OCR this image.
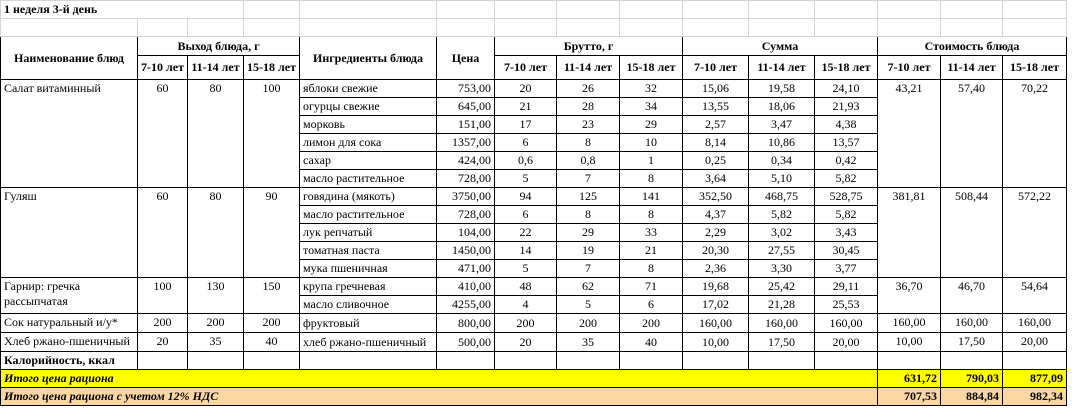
1 неделя 3-й день														

Наименование блюд	Выход блюда, г			Ингредиенты блюда	Цена	Брутто, г			Сумма			Стоимость блюда		
	7-10 лет	11-14 лет	15-18 лет			7-10 лет	11-14 лет	15-18 лет	7-10 лет	11-14 лет	15-18 лет	7-10 лет	11-14 лет	15-18 лет
Салат витаминный	60	80	100	яблоки свежие	753,00	20	26	32	15,06	19,58	24,10	43,21	57,40	70,22
				огурцы свежие	645,00	21	28	34	13,55	18,06	21,93			
				морковь	151,00	17	23	29	2,57	3,47	4,38			
				лимон для сока	1357,00	6	8	10	8,14	10,86	13,57			
				сахар	424,00	0,6	0,8	1	0,25	0,34	0,42			
				масло растительное	728,00	5	7	8	3,64	5,10	5,82			
Гуляш	60	80	90	говядина (мякоть)	3750,00	94	125	141	352,50	468,75	528,75	381,81	508,44	572,22
				масло растительное	728,00	6	8	8	4,37	5,82	5,82			
				лук репчатый	104,00	22	29	33	2,29	3,02	3,43			
				томатная паста	1450,00	14	19	21	20,30	27,55	30,45			
				мука пшеничная	471,00	5	7	8	2,36	3,30	3,77			

Гарнир: гречка
рассыпчатая	100	130	150	крупа гречневая	410,00	48	62	71	19,68	25,42	29,11	36,70	46,70	54,64
				масло сливочное	4255,00	4	5	6	17,02	21,28	25,53			
Сок натуральный и/у*	200	200	200	фруктовый	800,00	200	200	200	160,00	160,00	160,00	160,00	160,00	160,00
Хлеб ржано-пшеничный	20	35	40	хлеб ржано-пшеничный	500,00	20	35	40	10,00	17,50	20,00	10,00	17,50	20,00
Калорийность, ккал														
Итого цена рациона												631,72	790,03	877,09
Итого цена рациона с учетом 12% НДС												707,53	884,84	982,34
